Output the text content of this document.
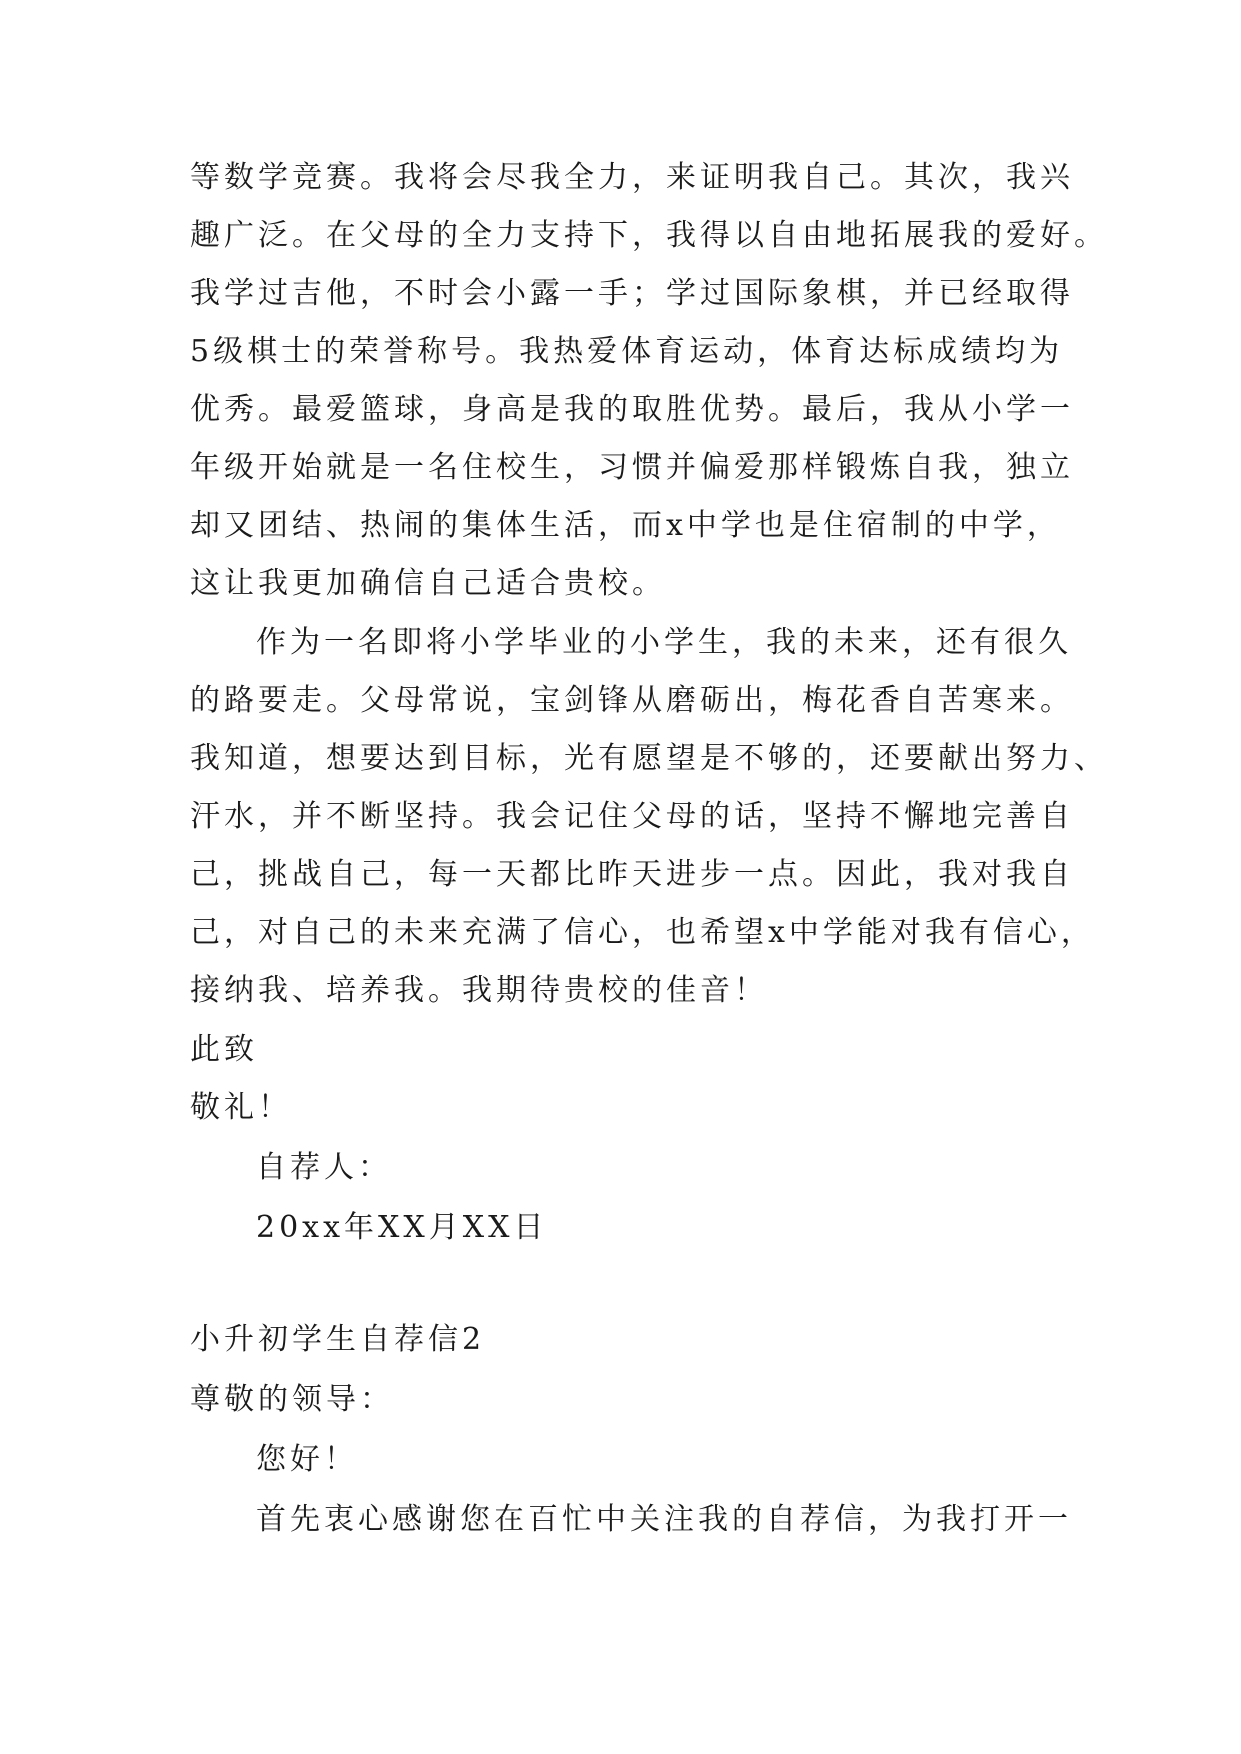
等数学竞赛。我将会尽我全力，来证明我自己。其次，我兴
趣广泛。在父母的全力支持下，我得以自由地拓展我的爱好。
我学过吉他，不时会小露一手；学过国际象棋，并已经取得
5级棋士的荣誉称号。我热爱体育运动，体育达标成绩均为
优秀。最爱篮球，身高是我的取胜优势。最后，我从小学一
年级开始就是一名住校生，习惯并偏爱那样锻炼自我，独立
却又团结、热闹的集体生活，而x中学也是住宿制的中学，
这让我更加确信自己适合贵校。
作为一名即将小学毕业的小学生，我的未来，还有很久
的路要走。父母常说，宝剑锋从磨砺出，梅花香自苦寒来。
我知道，想要达到目标，光有愿望是不够的，还要献出努力、
汗水，并不断坚持。我会记住父母的话，坚持不懈地完善自
己，挑战自己，每一天都比昨天进步一点。因此，我对我自
己，对自己的未来充满了信心，也希望x中学能对我有信心，
接纳我、培养我。我期待贵校的佳音！
此致
敬礼！
自荐人：
20xx年XX月XX日
小升初学生自荐信2
尊敬的领导：
您好！
首先衷心感谢您在百忙中关注我的自荐信，为我打开一
